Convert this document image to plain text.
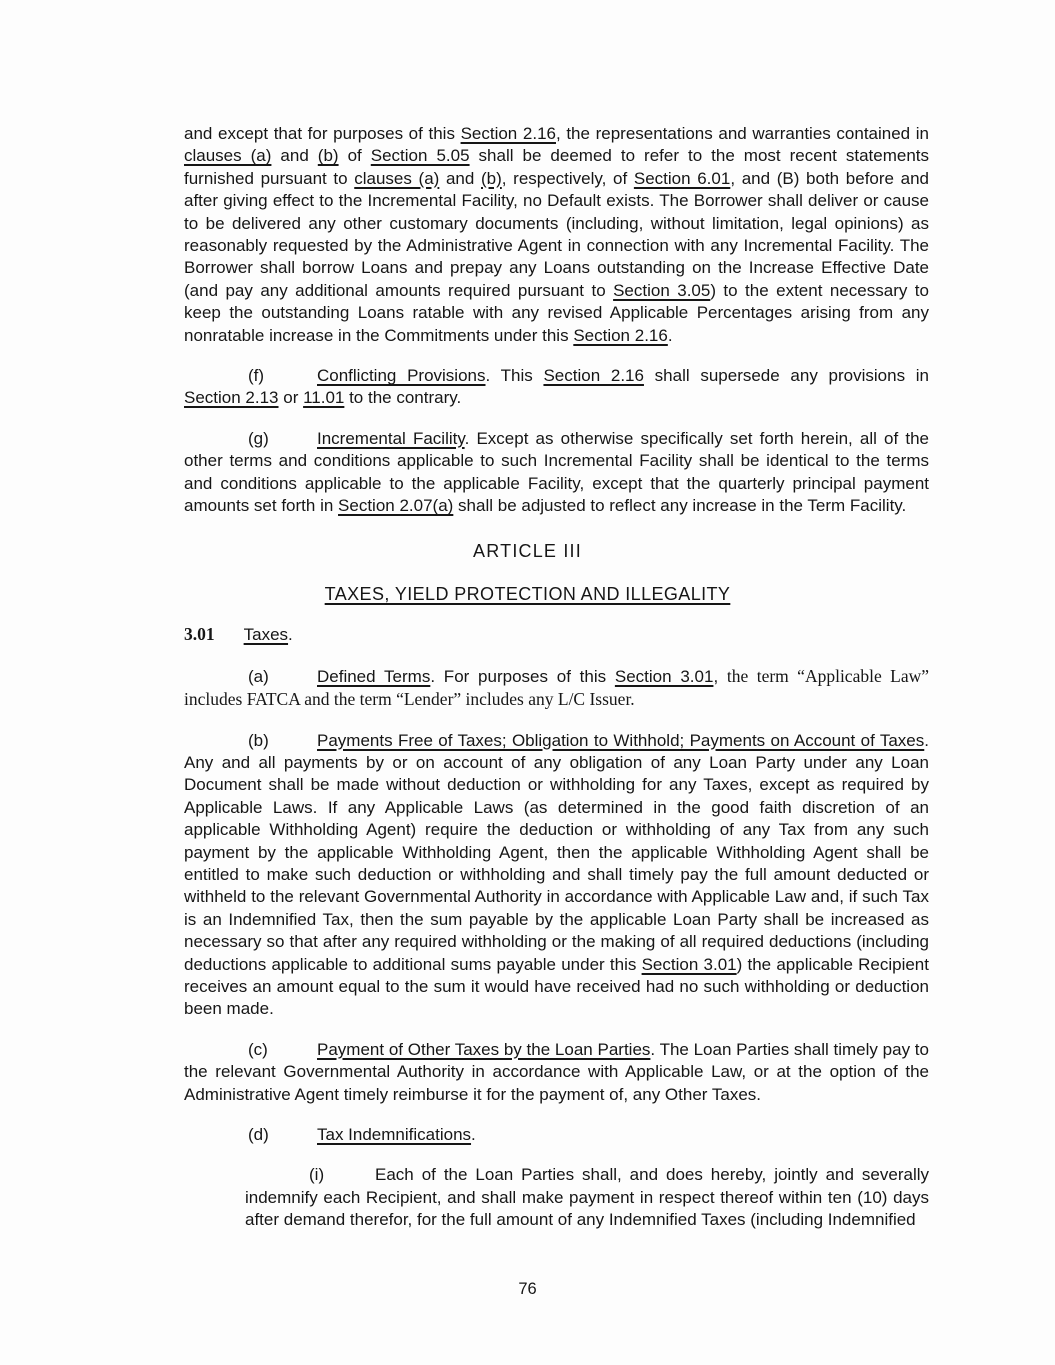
and except that for purposes of this Section 2.16, the representations and warranties contained in clauses (a) and (b) of Section 5.05 shall be deemed to refer to the most recent statements furnished pursuant to clauses (a) and (b), respectively, of Section 6.01, and (B) both before and after giving effect to the Incremental Facility, no Default exists. The Borrower shall deliver or cause to be delivered any other customary documents (including, without limitation, legal opinions) as reasonably requested by the Administrative Agent in connection with any Incremental Facility. The Borrower shall borrow Loans and prepay any Loans outstanding on the Increase Effective Date (and pay any additional amounts required pursuant to Section 3.05) to the extent necessary to keep the outstanding Loans ratable with any revised Applicable Percentages arising from any nonratable increase in the Commitments under this Section 2.16.

(f)	Conflicting Provisions. This Section 2.16 shall supersede any provisions in Section 2.13 or 11.01 to the contrary.

(g)	Incremental Facility. Except as otherwise specifically set forth herein, all of the other terms and conditions applicable to such Incremental Facility shall be identical to the terms and conditions applicable to the applicable Facility, except that the quarterly principal payment amounts set forth in Section 2.07(a) shall be adjusted to reflect any increase in the Term Facility.

ARTICLE III
TAXES, YIELD PROTECTION AND ILLEGALITY

3.01 Taxes.

(a)	Defined Terms. For purposes of this Section 3.01, the term “Applicable Law” includes FATCA and the term “Lender” includes any L/C Issuer.

(b)	Payments Free of Taxes; Obligation to Withhold; Payments on Account of Taxes. Any and all payments by or on account of any obligation of any Loan Party under any Loan Document shall be made without deduction or withholding for any Taxes, except as required by Applicable Laws. If any Applicable Laws (as determined in the good faith discretion of an applicable Withholding Agent) require the deduction or withholding of any Tax from any such payment by the applicable Withholding Agent, then the applicable Withholding Agent shall be entitled to make such deduction or withholding and shall timely pay the full amount deducted or withheld to the relevant Governmental Authority in accordance with Applicable Law and, if such Tax is an Indemnified Tax, then the sum payable by the applicable Loan Party shall be increased as necessary so that after any required withholding or the making of all required deductions (including deductions applicable to additional sums payable under this Section 3.01) the applicable Recipient receives an amount equal to the sum it would have received had no such withholding or deduction been made.

(c)	Payment of Other Taxes by the Loan Parties. The Loan Parties shall timely pay to the relevant Governmental Authority in accordance with Applicable Law, or at the option of the Administrative Agent timely reimburse it for the payment of, any Other Taxes.

(d)	Tax Indemnifications.

(i)	Each of the Loan Parties shall, and does hereby, jointly and severally indemnify each Recipient, and shall make payment in respect thereof within ten (10) days after demand therefor, for the full amount of any Indemnified Taxes (including Indemnified

76
